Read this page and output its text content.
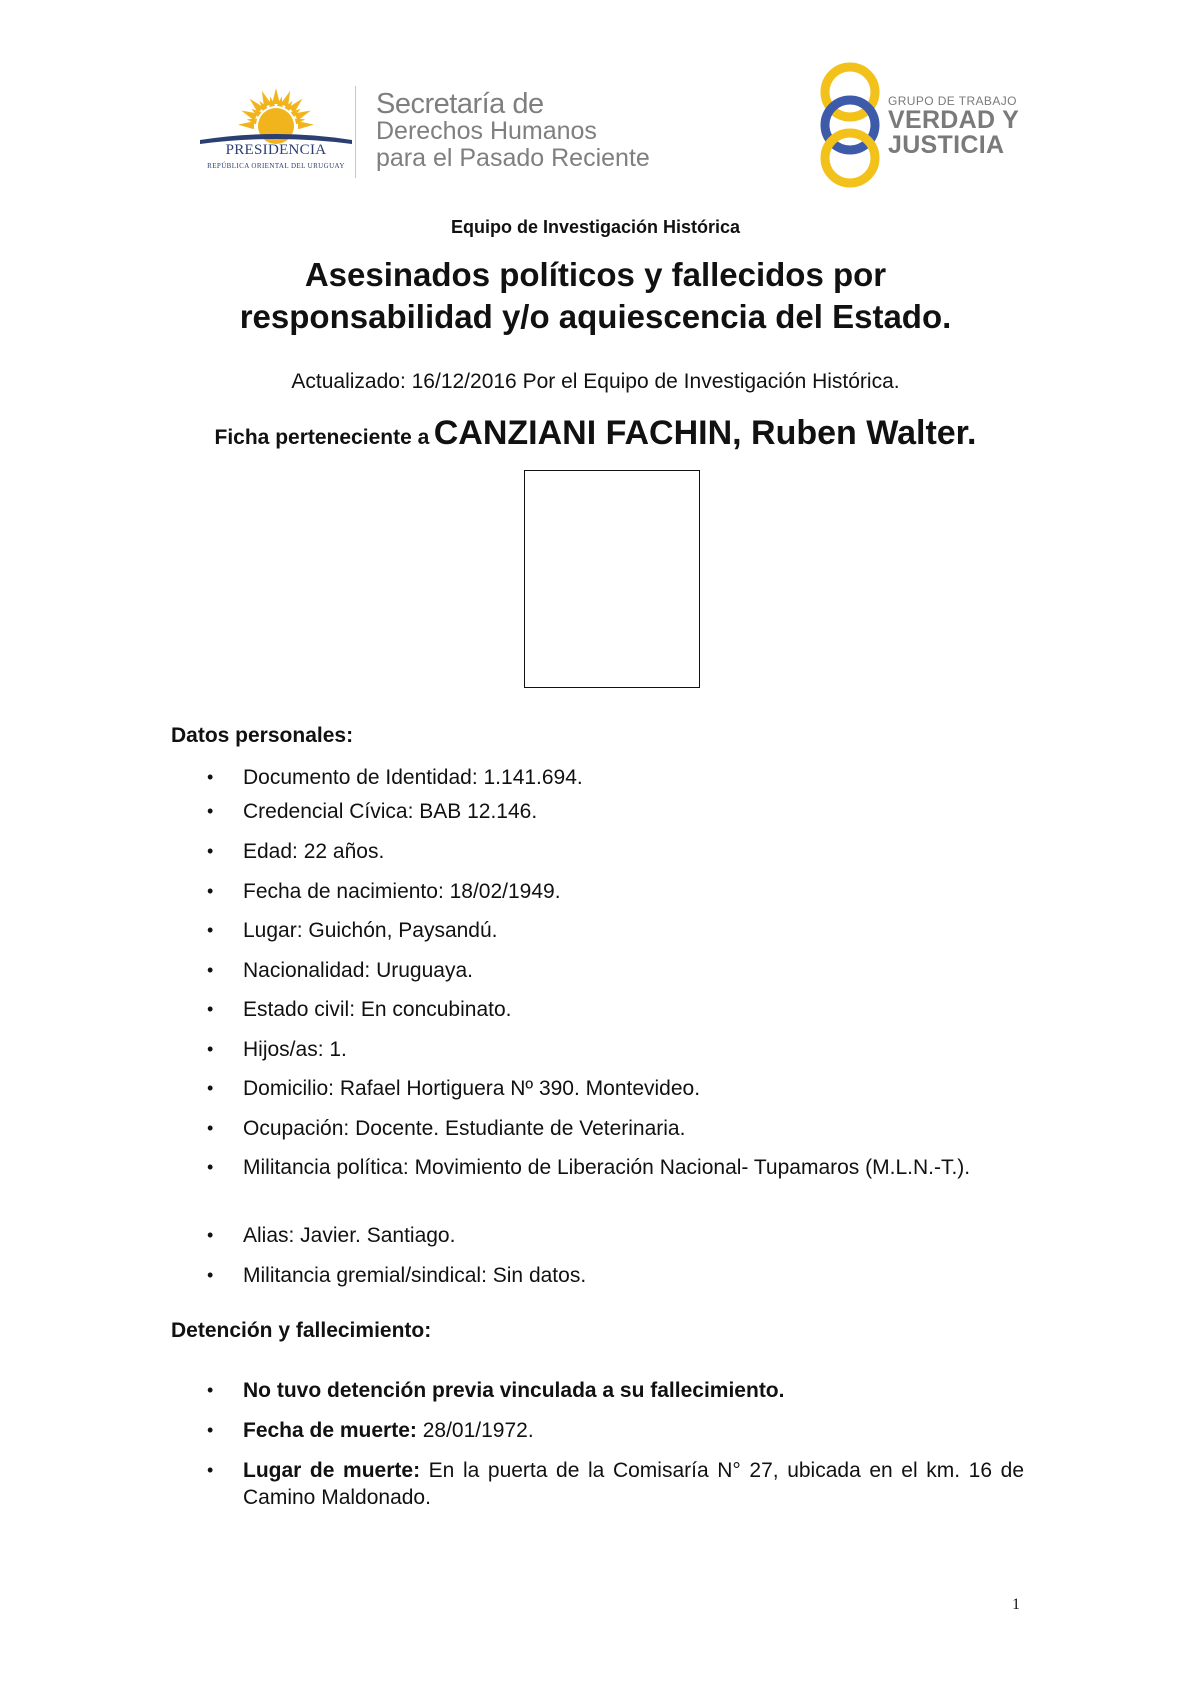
PRESIDENCIA
REPÚBLICA ORIENTAL DEL URUGUAY
Secretaría de
Derechos Humanos
para el Pasado Reciente
GRUPO DE TRABAJO
VERDAD Y
JUSTICIA
Equipo de Investigación Histórica
Asesinados políticos y fallecidos por
responsabilidad y/o aquiescencia del Estado.
Actualizado: 16/12/2016 Por el Equipo de Investigación Histórica.
Ficha perteneciente a CANZIANI FACHIN, Ruben Walter.
Datos personales:
• Documento de Identidad: 1.141.694.
• Credencial Cívica: BAB 12.146.
• Edad: 22 años.
• Fecha de nacimiento: 18/02/1949.
• Lugar: Guichón, Paysandú.
• Nacionalidad: Uruguaya.
• Estado civil: En concubinato.
• Hijos/as: 1.
• Domicilio: Rafael Hortiguera Nº 390. Montevideo.
• Ocupación: Docente. Estudiante de Veterinaria.
• Militancia política: Movimiento de Liberación Nacional- Tupamaros (M.L.N.-T.).
• Alias: Javier. Santiago.
• Militancia gremial/sindical: Sin datos.
Detención y fallecimiento:
• No tuvo detención previa vinculada a su fallecimiento.
• Fecha de muerte: 28/01/1972.
• Lugar de muerte: En la puerta de la Comisaría N° 27, ubicada en el km. 16 de Camino Maldonado.
1
